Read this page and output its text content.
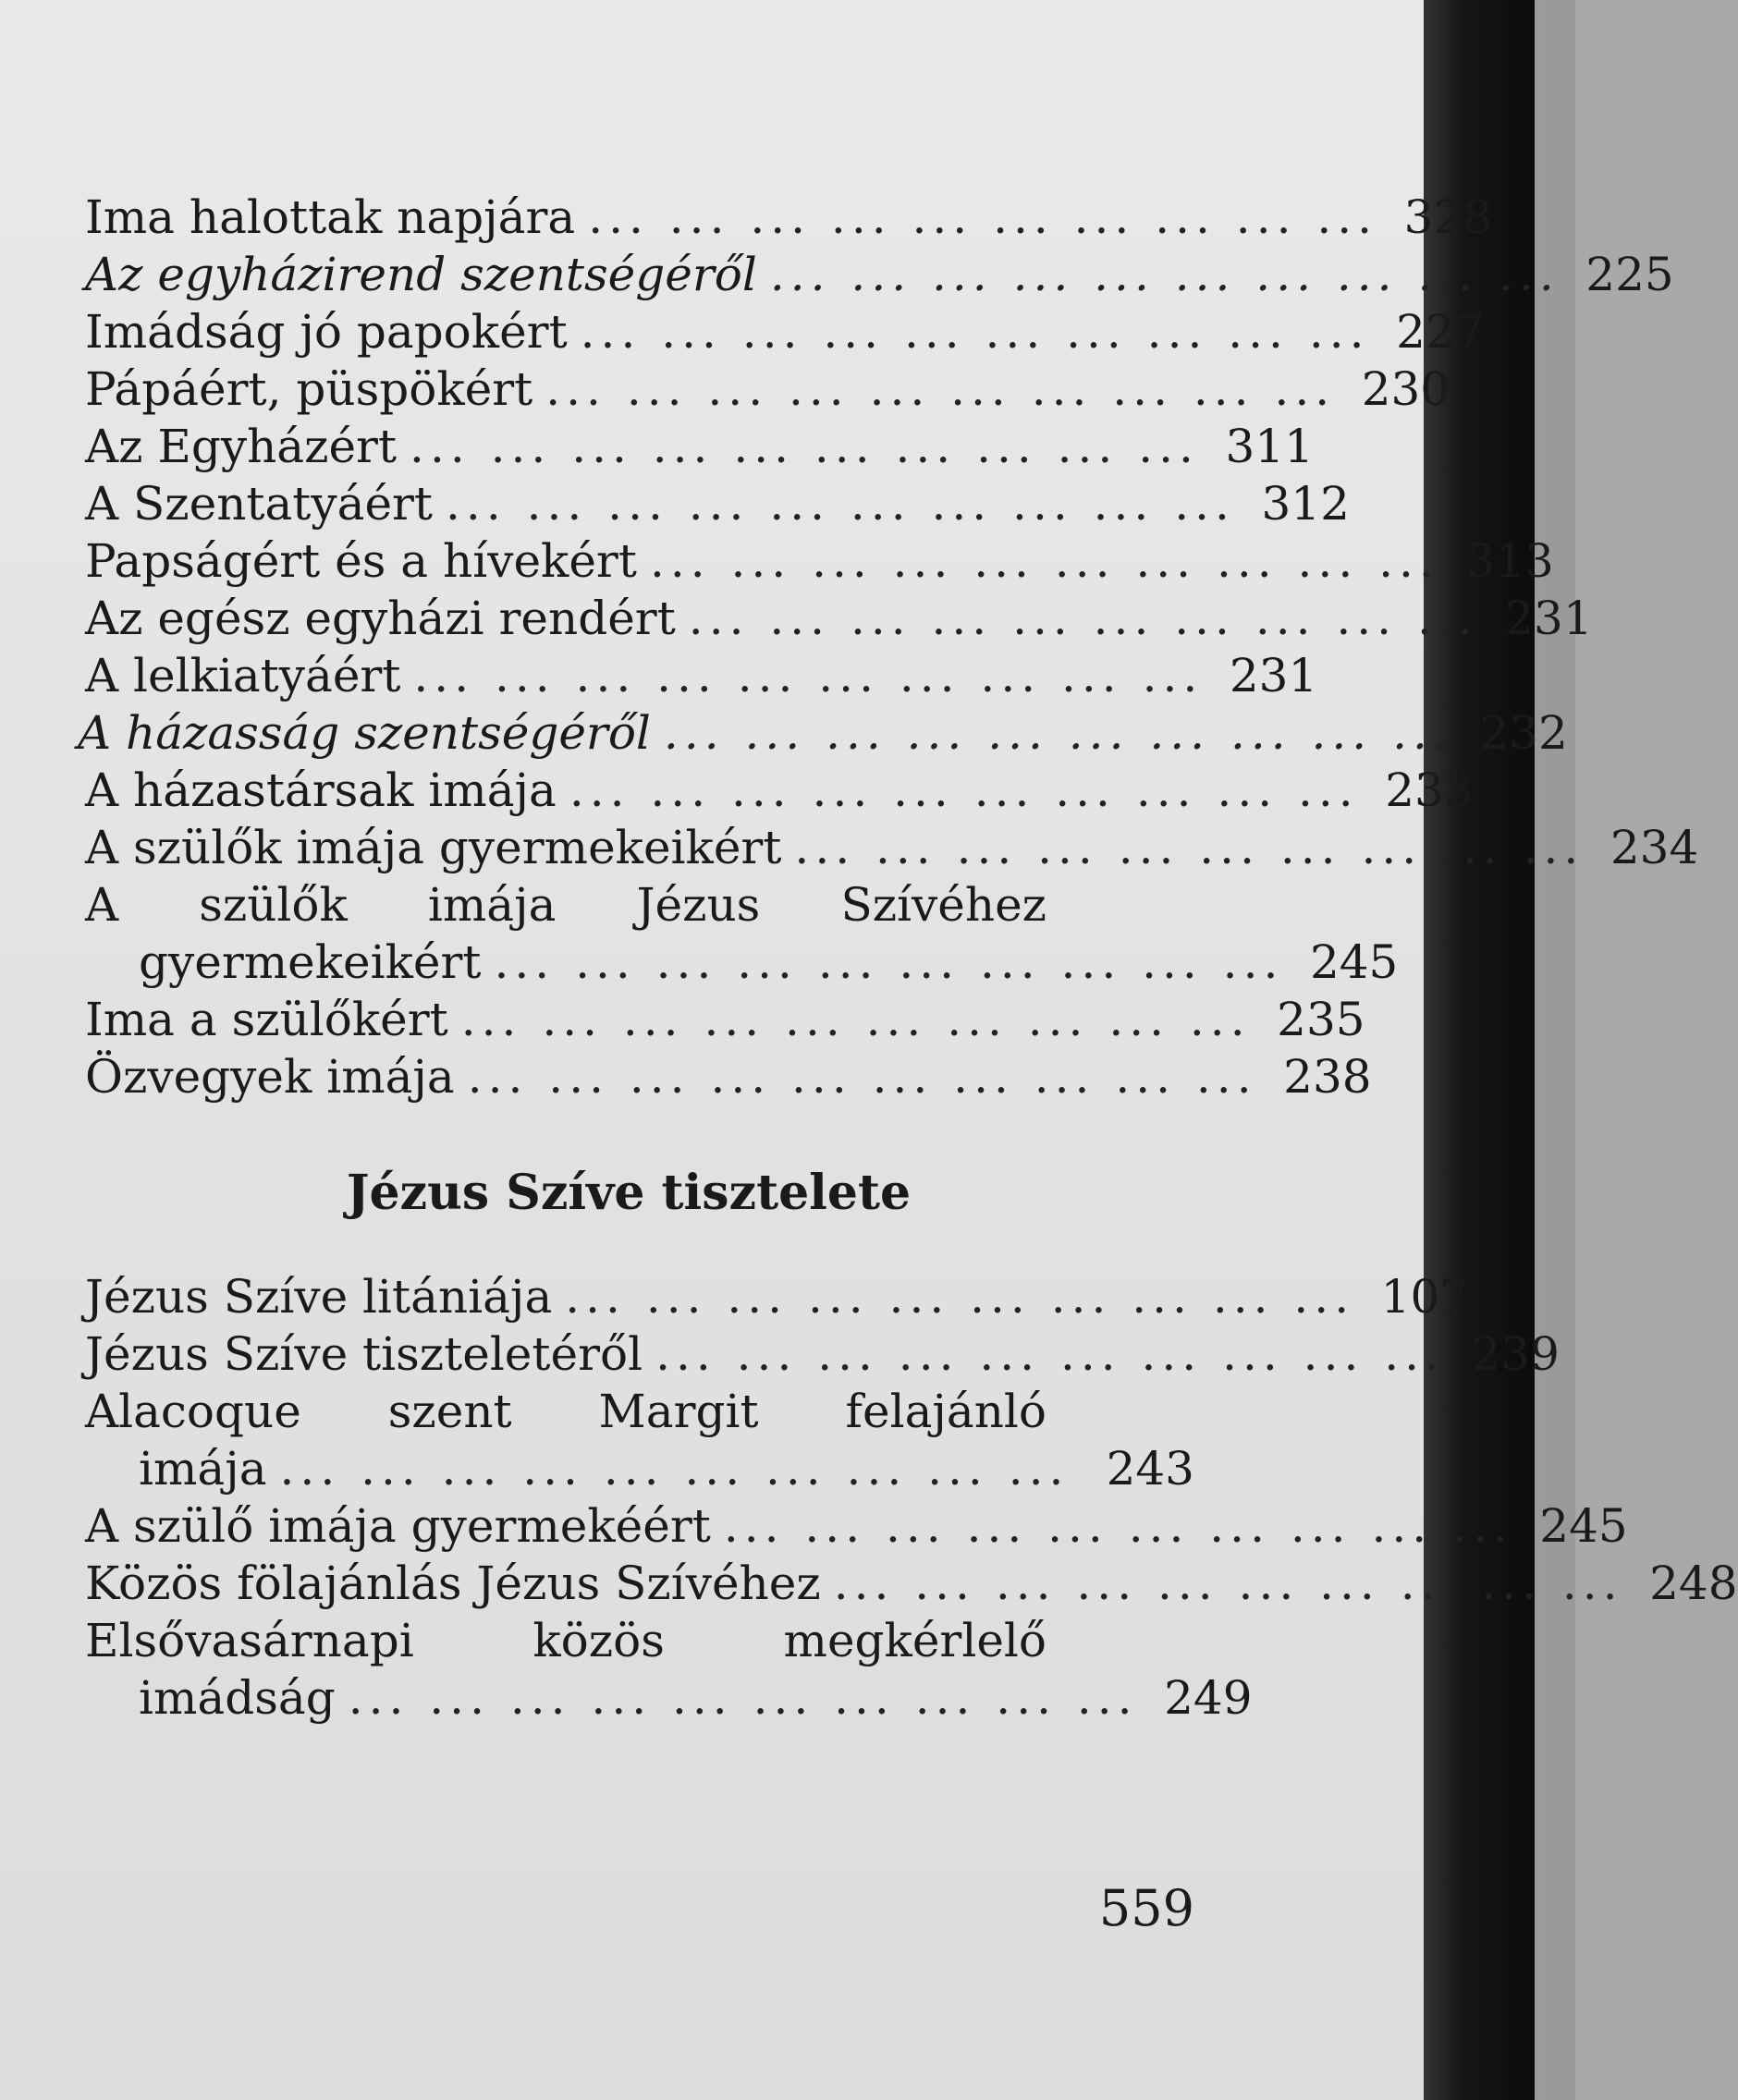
Ima halottak napjára ... ... ... ... ... ... ... ... ... ... 328
Az egyházirend szentségéről ... ... ... ... ... ... ... ... ... ... 225
Imádság jó papokért ... ... ... ... ... ... ... ... ... ... 227
Pápáért, püspökért ... ... ... ... ... ... ... ... ... ... 230
Az Egyházért ... ... ... ... ... ... ... ... ... ... 311
A Szentatyáért ... ... ... ... ... ... ... ... ... ... 312
Papságért és a hívekért ... ... ... ... ... ... ... ... ... ... 313
Az egész egyházi rendért ... ... ... ... ... ... ... ... ... ... 231
A lelkiatyáért ... ... ... ... ... ... ... ... ... ... 231
A házasság szentségéről ... ... ... ... ... ... ... ... ... ... 232
A házastársak imája ... ... ... ... ... ... ... ... ... ... 233
A szülők imája gyermekeikért ... ... ... ... ... ... ... ... ... ... 234
A szülők imája Jézus Szívéhez
gyermekeikért ... ... ... ... ... ... ... ... ... ... 245
Ima a szülőkért ... ... ... ... ... ... ... ... ... ... 235
Özvegyek imája ... ... ... ... ... ... ... ... ... ... 238
Jézus Szíve tisztelete
Jézus Szíve litániája ... ... ... ... ... ... ... ... ... ... 107
Jézus Szíve tiszteletéről ... ... ... ... ... ... ... ... ... ... 239
Alacoque szent Margit felajánló
imája ... ... ... ... ... ... ... ... ... ... 243
A szülő imája gyermekéért ... ... ... ... ... ... ... ... ... ... 245
Közös fölajánlás Jézus Szívéhez ... ... ... ... ... ... ... ... ... ... 248
Elsővasárnapi közös megkérlelő
imádság ... ... ... ... ... ... ... ... ... ... 249
559
